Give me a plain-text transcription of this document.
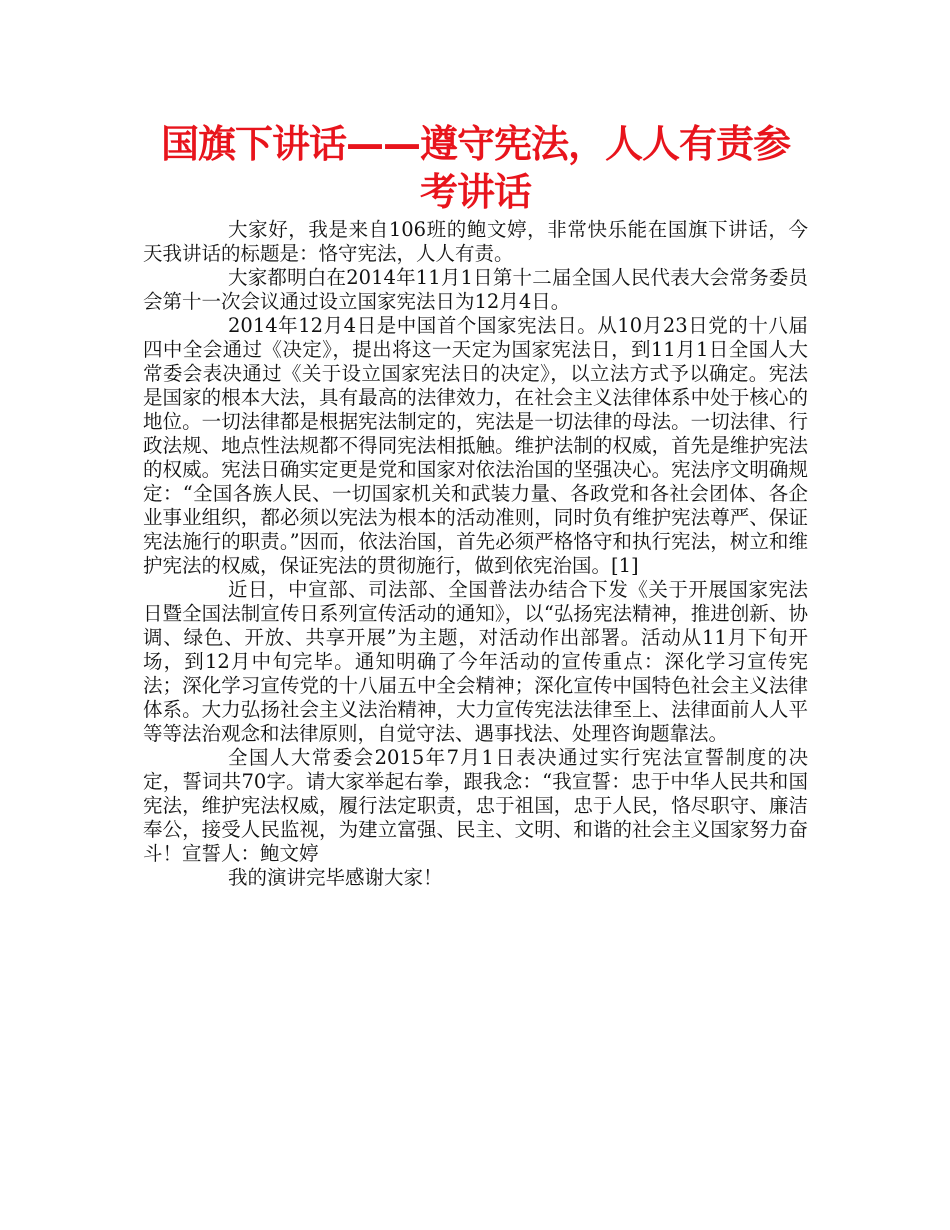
国旗下讲话——遵守宪法，人人有责参考讲话

大家好，我是来自106班的鲍文婷，非常快乐能在国旗下讲话，今天我讲话的标题是：恪守宪法，人人有责。

大家都明白在2014年11月1日第十二届全国人民代表大会常务委员会第十一次会议通过设立国家宪法日为12月4日。

2014年12月4日是中国首个国家宪法日。从10月23日党的十八届四中全会通过《决定》，提出将这一天定为国家宪法日，到11月1日全国人大常委会表决通过《关于设立国家宪法日的决定》，以立法方式予以确定。宪法是国家的根本大法，具有最高的法律效力，在社会主义法律体系中处于核心的地位。一切法律都是根据宪法制定的，宪法是一切法律的母法。一切法律、行政法规、地点性法规都不得同宪法相抵触。维护法制的权威，首先是维护宪法的权威。宪法日确实定更是党和国家对依法治国的坚强决心。宪法序文明确规定：“全国各族人民、一切国家机关和武装力量、各政党和各社会团体、各企业事业组织，都必须以宪法为根本的活动准则，同时负有维护宪法尊严、保证宪法施行的职责。”因而，依法治国，首先必须严格恪守和执行宪法，树立和维护宪法的权威，保证宪法的贯彻施行，做到依宪治国。[1]

近日，中宣部、司法部、全国普法办结合下发《关于开展国家宪法日暨全国法制宣传日系列宣传活动的通知》，以“弘扬宪法精神，推进创新、协调、绿色、开放、共享开展”为主题，对活动作出部署。活动从11月下旬开场，到12月中旬完毕。通知明确了今年活动的宣传重点：深化学习宣传宪法；深化学习宣传党的十八届五中全会精神；深化宣传中国特色社会主义法律体系。大力弘扬社会主义法治精神，大力宣传宪法法律至上、法律面前人人平等等法治观念和法律原则，自觉守法、遇事找法、处理咨询题靠法。

全国人大常委会2015年7月1日表决通过实行宪法宣誓制度的决定，誓词共70字。请大家举起右拳，跟我念：“我宣誓：忠于中华人民共和国宪法，维护宪法权威，履行法定职责，忠于祖国，忠于人民，恪尽职守、廉洁奉公，接受人民监视，为建立富强、民主、文明、和谐的社会主义国家努力奋斗！宣誓人：鲍文婷

我的演讲完毕感谢大家！
